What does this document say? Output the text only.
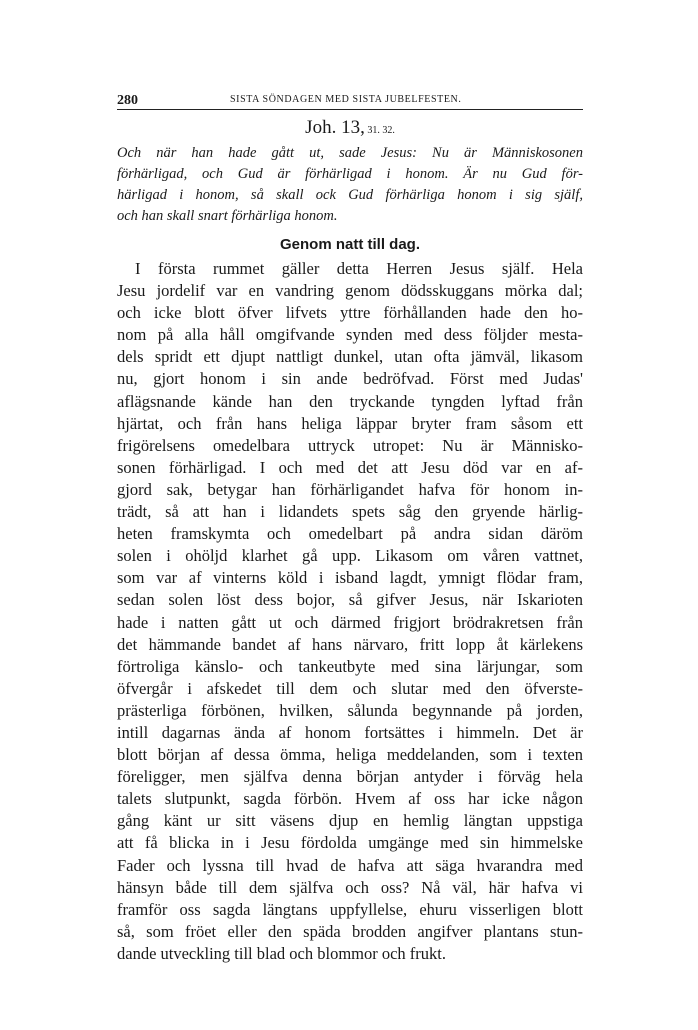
280	SISTA SÖNDAGEN MED SISTA JUBELFESTEN.
Joh. 13, 31. 32.
Och när han hade gått ut, sade Jesus: Nu är Människosonen
förhärligad, och Gud är förhärligad i honom. Är nu Gud för-
härligad i honom, så skall ock Gud förhärliga honom i sig själf,
och han skall snart förhärliga honom.
Genom natt till dag.
I första rummet gäller detta Herren Jesus själf. Hela
Jesu jordelif var en vandring genom dödsskuggans mörka dal;
och icke blott öfver lifvets yttre förhållanden hade den ho-
nom på alla håll omgifvande synden med dess följder mesta-
dels spridt ett djupt nattligt dunkel, utan ofta jämväl, likasom
nu, gjort honom i sin ande bedröfvad. Först med Judas'
aflägsnande kände han den tryckande tyngden lyftad från
hjärtat, och från hans heliga läppar bryter fram såsom ett
frigörelsens omedelbara uttryck utropet: Nu är Människo-
sonen förhärligad. I och med det att Jesu död var en af-
gjord sak, betygar han förhärligandet hafva för honom in-
trädt, så att han i lidandets spets såg den gryende härlig-
heten framskymta och omedelbart på andra sidan däröm
solen i ohöljd klarhet gå upp. Likasom om våren vattnet,
som var af vinterns köld i isband lagdt, ymnigt flödar fram,
sedan solen löst dess bojor, så gifver Jesus, när Iskarioten
hade i natten gått ut och därmed frigjort brödrakretsen från
det hämmande bandet af hans närvaro, fritt lopp åt kärlekens
förtroliga känslo- och tankeutbyte med sina lärjungar, som
öfvergår i afskedet till dem och slutar med den öfverste-
prästerliga förbönen, hvilken, sålunda begynnande på jorden,
intill dagarnas ända af honom fortsättes i himmeln. Det är
blott början af dessa ömma, heliga meddelanden, som i texten
föreligger, men själfva denna början antyder i förväg hela
talets slutpunkt, sagda förbön. Hvem af oss har icke någon
gång känt ur sitt väsens djup en hemlig längtan uppstiga
att få blicka in i Jesu fördolda umgänge med sin himmelske
Fader och lyssna till hvad de hafva att säga hvarandra med
hänsyn både till dem själfva och oss? Nå väl, här hafva vi
framför oss sagda längtans uppfyllelse, ehuru visserligen blott
så, som fröet eller den späda brodden angifver plantans stun-
dande utveckling till blad och blommor och frukt.
